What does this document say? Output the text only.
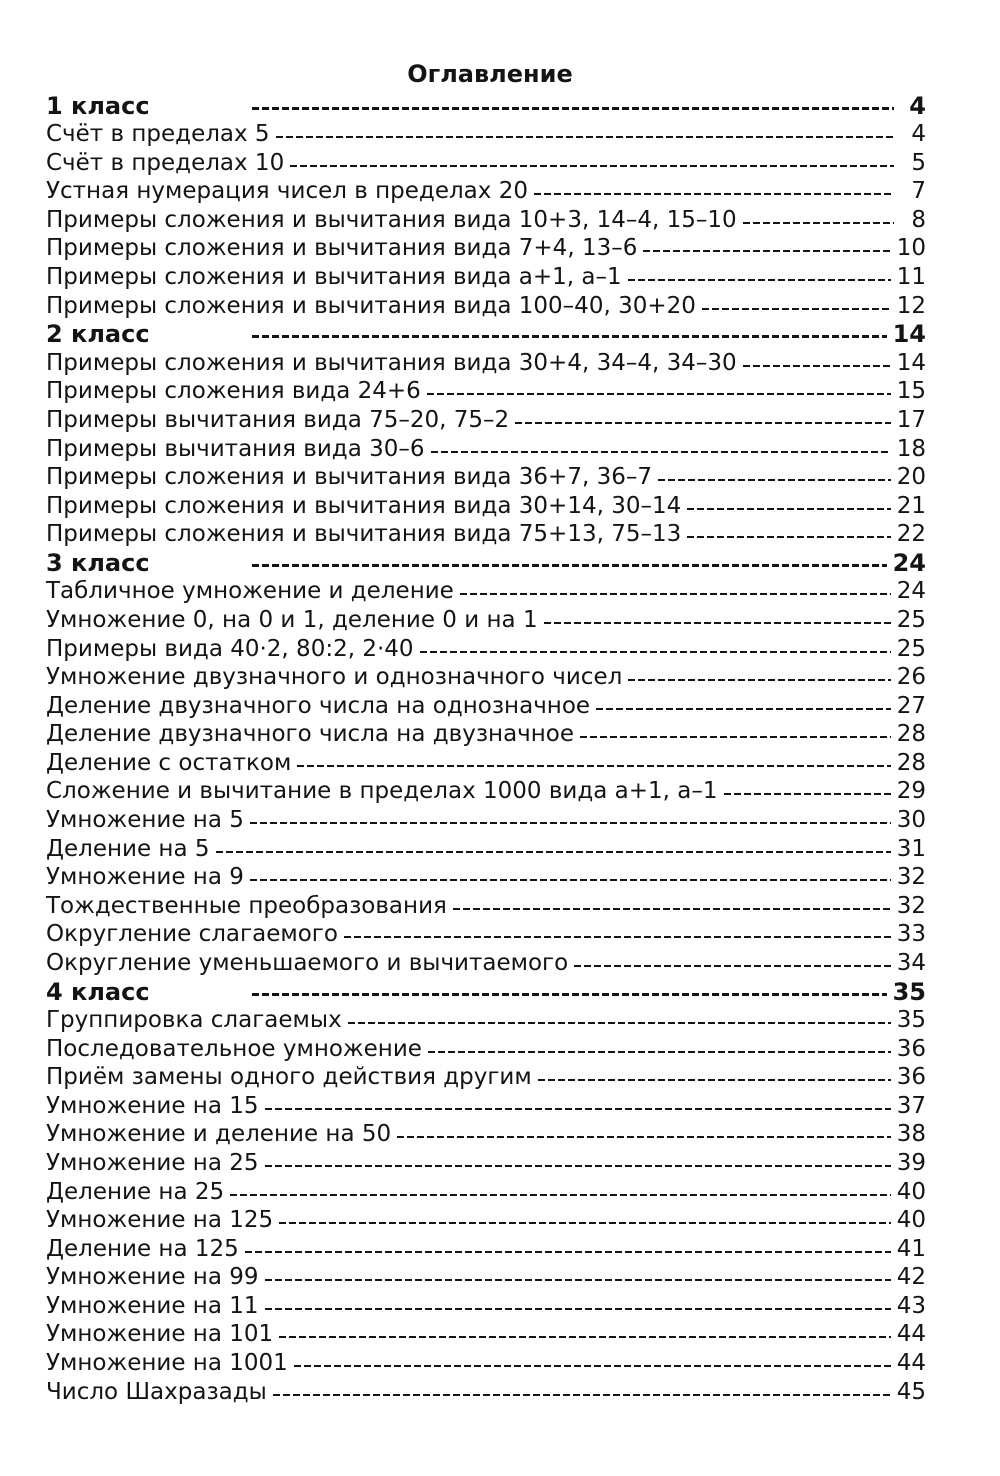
Оглавление
1 класс	4
Счёт в пределах 5	4
Счёт в пределах 10	5
Устная нумерация чисел в пределах 20	7
Примеры сложения и вычитания вида 10+3, 14–4, 15–10	8
Примеры сложения и вычитания вида 7+4, 13–6	10
Примеры сложения и вычитания вида а+1, а–1	11
Примеры сложения и вычитания вида 100–40, 30+20	12
2 класс	14
Примеры сложения и вычитания вида 30+4, 34–4, 34–30	14
Примеры сложения вида 24+6	15
Примеры вычитания вида 75–20, 75–2	17
Примеры вычитания вида 30–6	18
Примеры сложения и вычитания вида 36+7, 36–7	20
Примеры сложения и вычитания вида 30+14, 30–14	21
Примеры сложения и вычитания вида 75+13, 75–13	22
3 класс	24
Табличное умножение и деление	24
Умножение 0, на 0 и 1, деление 0 и на 1	25
Примеры вида 40·2, 80:2, 2·40	25
Умножение двузначного и однозначного чисел	26
Деление двузначного числа на однозначное	27
Деление двузначного числа на двузначное	28
Деление с остатком	28
Сложение и вычитание в пределах 1000 вида а+1, а–1	29
Умножение на 5	30
Деление на 5	31
Умножение на 9	32
Тождественные преобразования	32
Округление слагаемого	33
Округление уменьшаемого и вычитаемого	34
4 класс	35
Группировка слагаемых	35
Последовательное умножение	36
Приём замены одного действия другим	36
Умножение на 15	37
Умножение и деление на 50	38
Умножение на 25	39
Деление на 25	40
Умножение на 125	40
Деление на 125	41
Умножение на 99	42
Умножение на 11	43
Умножение на 101	44
Умножение на 1001	44
Число Шахразады	45
